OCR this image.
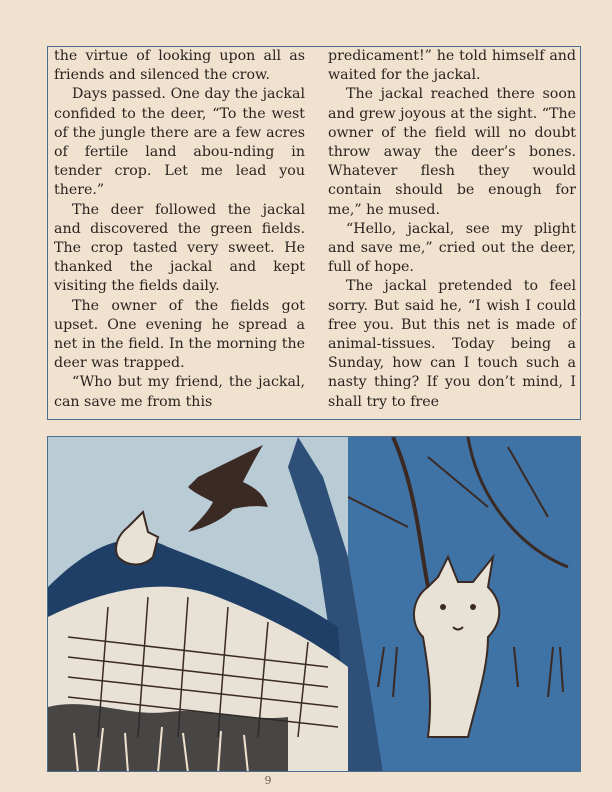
the virtue of looking upon all as friends and silenced the crow.

Days passed. One day the jackal confided to the deer, “To the west of the jungle there are a few acres of fertile land abou-nding in tender crop. Let me lead you there.”

The deer followed the jackal and discovered the green fields. The crop tasted very sweet. He thanked the jackal and kept visiting the fields daily.

The owner of the fields got upset. One evening he spread a net in the field. In the morning the deer was trapped.

“Who but my friend, the jackal, can save me from this

predicament!” he told himself and waited for the jackal.

The jackal reached there soon and grew joyous at the sight. “The owner of the field will no doubt throw away the deer’s bones. Whatever flesh they would contain should be enough for me,” he mused.

“Hello, jackal, see my plight and save me,” cried out the deer, full of hope.

The jackal pretended to feel sorry. But said he, “I wish I could free you. But this net is made of animal-tissues. Today being a Sunday, how can I touch such a nasty thing? If you don’t mind, I shall try to free

9
